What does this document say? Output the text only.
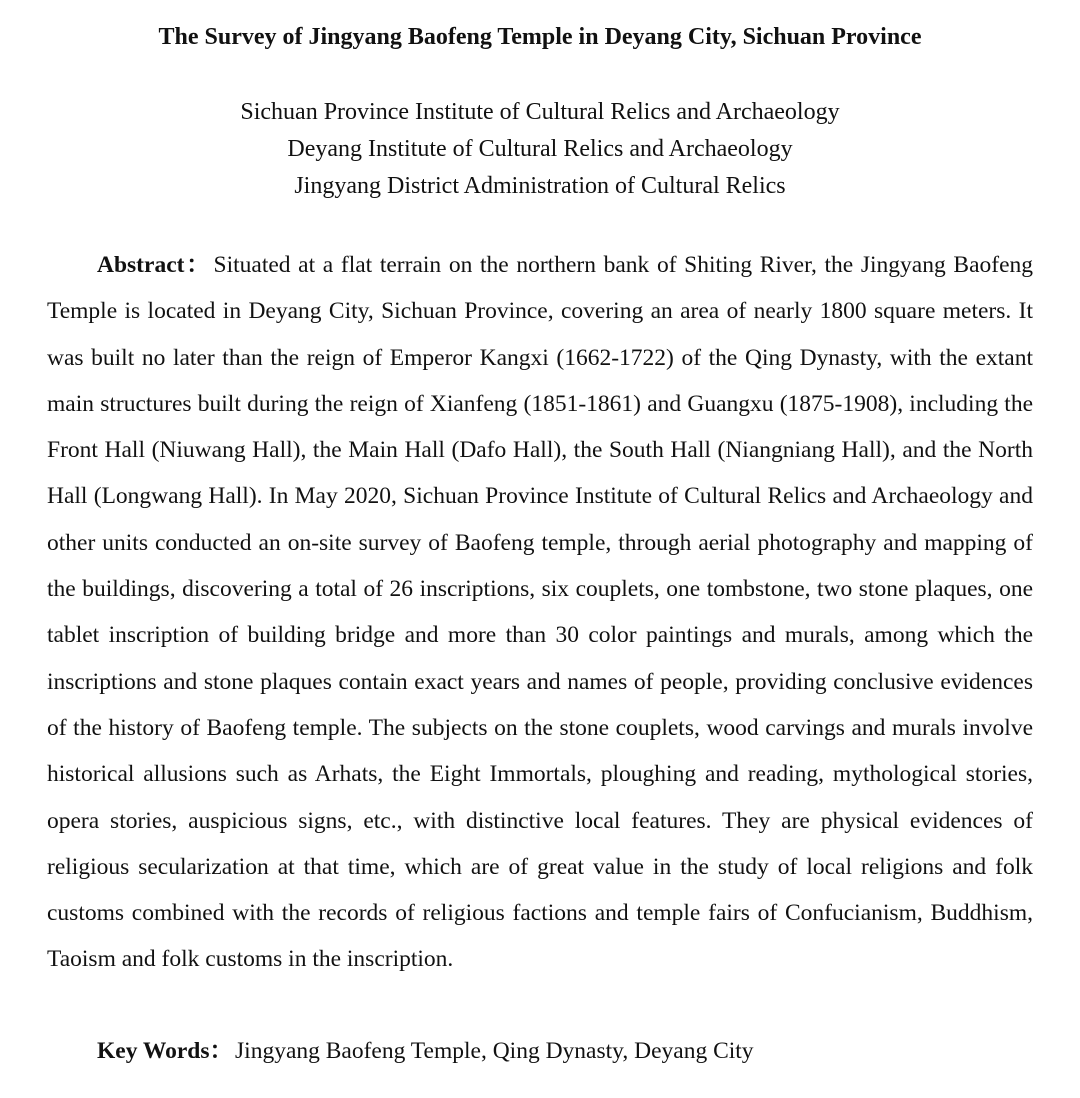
The Survey of Jingyang Baofeng Temple in Deyang City, Sichuan Province
Sichuan Province Institute of Cultural Relics and Archaeology
Deyang Institute of Cultural Relics and Archaeology
Jingyang District Administration of Cultural Relics

Abstract：Situated at a flat terrain on the northern bank of Shiting River, the Jingyang Baofeng Temple is located in Deyang City, Sichuan Province, covering an area of nearly 1800 square meters. It was built no later than the reign of Emperor Kangxi (1662-1722) of the Qing Dynasty, with the extant main structures built during the reign of Xianfeng (1851-1861) and Guangxu (1875-1908), including the Front Hall (Niuwang Hall), the Main Hall (Dafo Hall), the South Hall (Niangniang Hall), and the North Hall (Longwang Hall). In May 2020, Sichuan Province Institute of Cultural Relics and Archaeology and other units conducted an on-site survey of Baofeng temple, through aerial photography and mapping of the buildings, discovering a total of 26 inscriptions, six couplets, one tombstone, two stone plaques, one tablet inscription of building bridge and more than 30 color paintings and murals, among which the inscriptions and stone plaques contain exact years and names of people, providing conclusive evidences of the history of Baofeng temple. The subjects on the stone couplets, wood carvings and murals involve historical allusions such as Arhats, the Eight Immortals, ploughing and reading, mythological stories, opera stories, auspicious signs, etc., with distinctive local features. They are physical evidences of religious secularization at that time, which are of great value in the study of local religions and folk customs combined with the records of religious factions and temple fairs of Confucianism, Buddhism, Taoism and folk customs in the inscription.

Key Words：Jingyang Baofeng Temple, Qing Dynasty, Deyang City
